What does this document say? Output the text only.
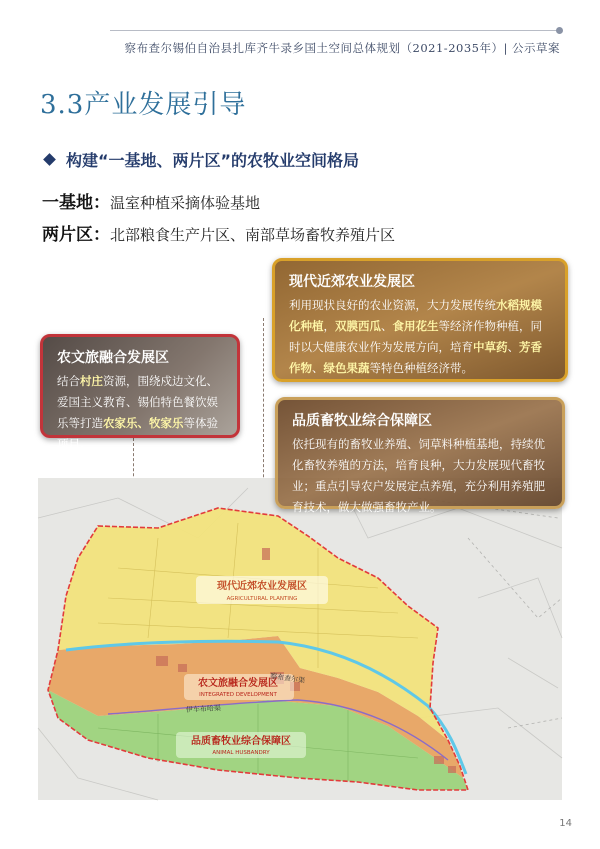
察布查尔锡伯自治县扎库齐牛录乡国土空间总体规划（2021-2035年）| 公示草案
3.3产业发展引导
构建“一基地、两片区”的农牧业空间格局
一基地：温室种植采摘体验基地
两片区：北部粮食生产片区、南部草场畜牧养殖片区
现代近郊农业发展区
AGRICULTURAL PLANTING
农文旅融合发展区
INTEGRATED DEVELOPMENT
品质畜牧业综合保障区
ANIMAL HUSBANDRY
察布查尔渠
伊车布哈渠
农文旅融合发展区
结合村庄资源，围绕戍边文化、爱国主义教育、锡伯特色餐饮娱乐等打造农家乐、牧家乐等体验项目。
现代近郊农业发展区
利用现状良好的农业资源，大力发展传统水稻规模化种植，双膜西瓜、食用花生等经济作物种植，同时以大健康农业作为发展方向，培育中草药、芳香作物、绿色果蔬等特色种植经济带。
品质畜牧业综合保障区
依托现有的畜牧业养殖、饲草料种植基地，持续优化畜牧养殖的方法，培育良种，大力发展现代畜牧业；重点引导农户发展定点养殖，充分利用养殖肥育技术，做大做强畜牧产业。
14
